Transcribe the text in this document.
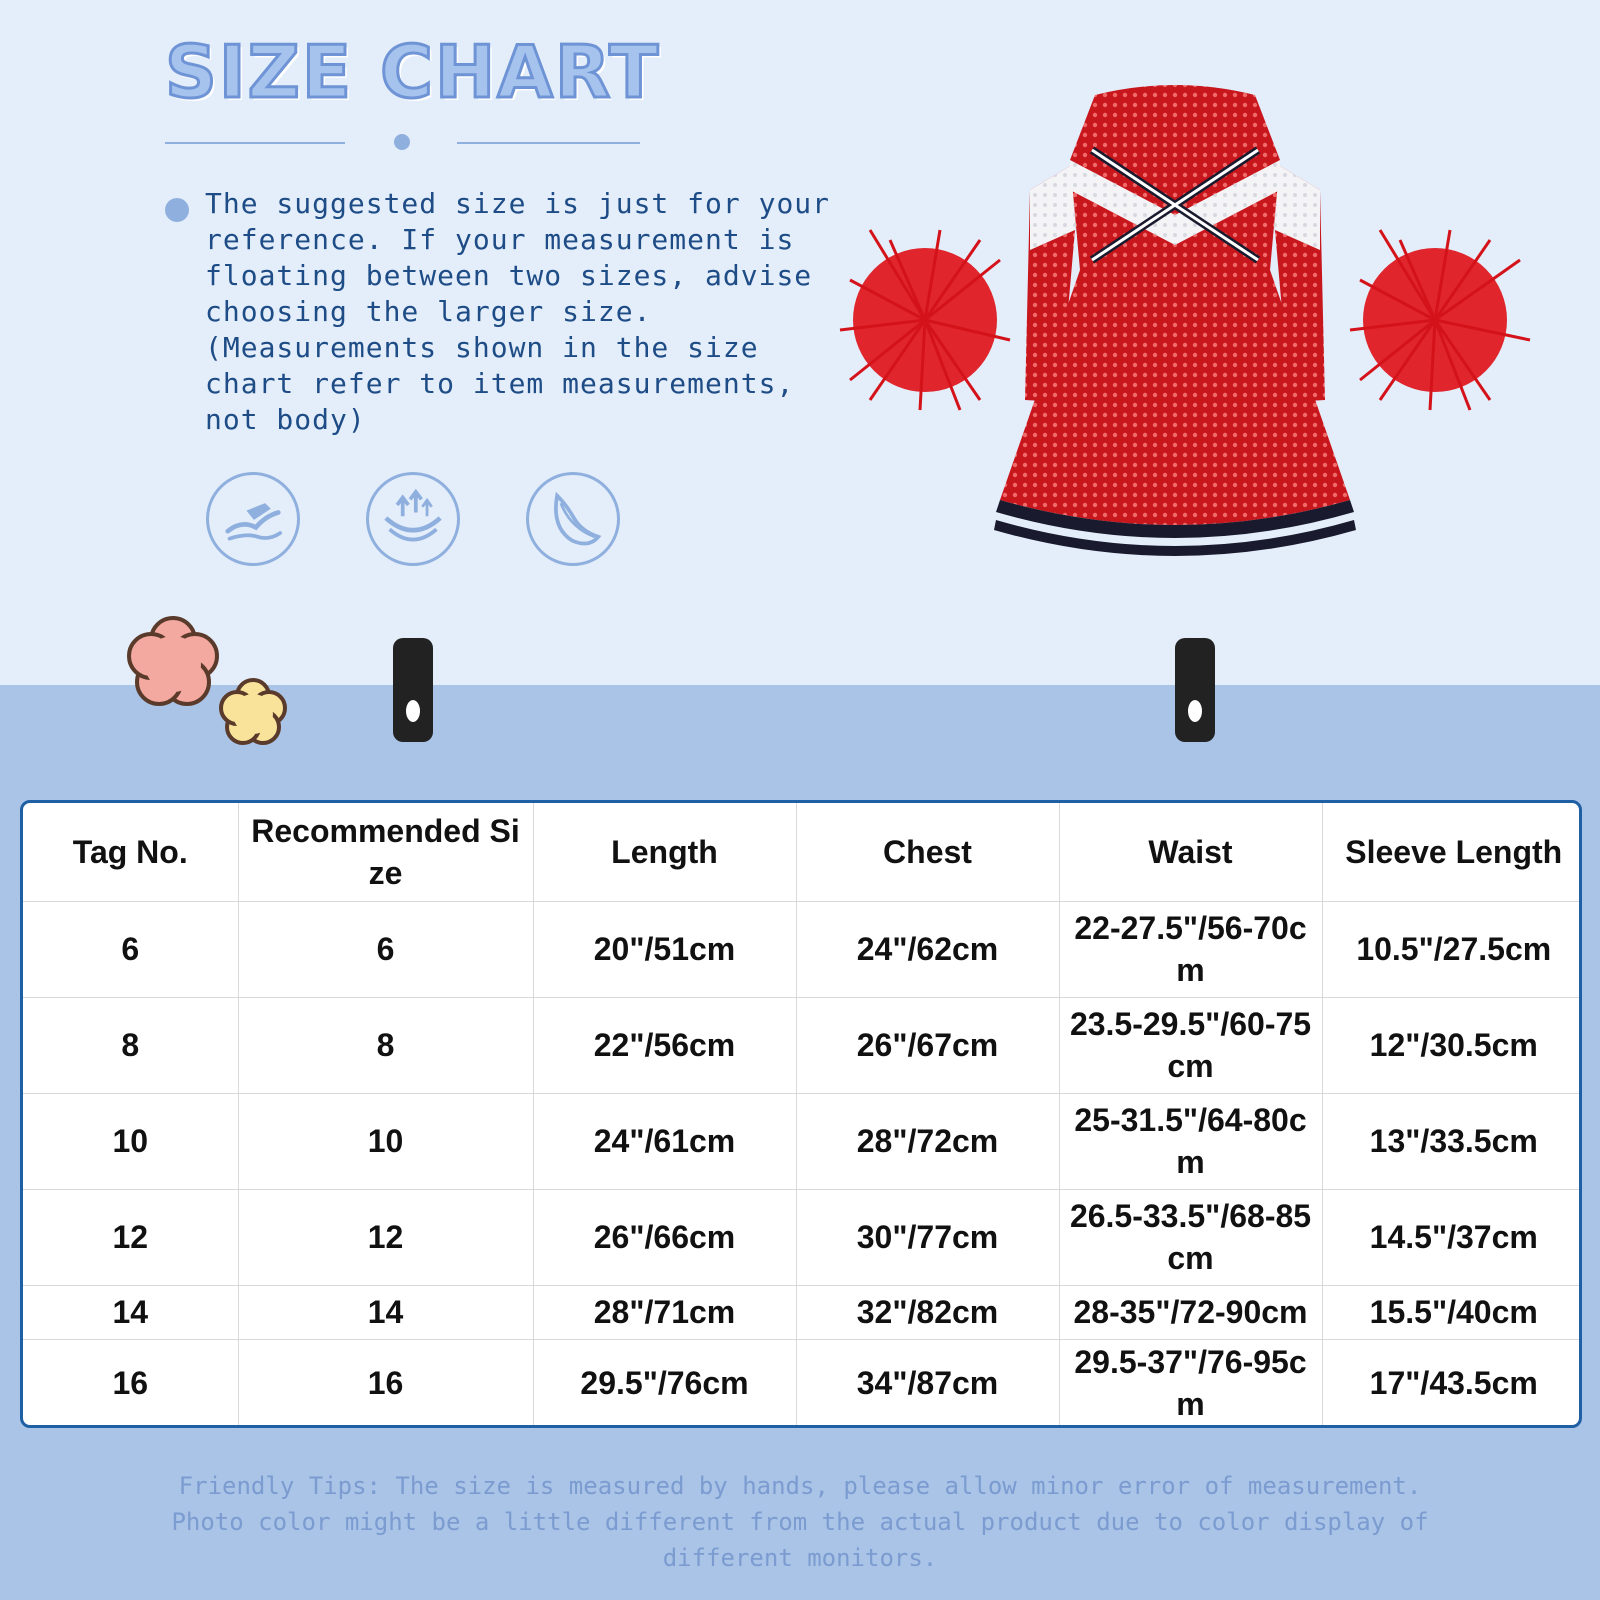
SIZE CHART
The suggested size is just for your
reference. If your measurement is
floating between two sizes, advise
choosing the larger size.
(Measurements shown in the size
chart refer to item measurements,
not body)
Tag No.	Recommended Size	Length	Chest	Waist	Sleeve Length
6	6	20"/51cm	24"/62cm	22-27.5"/56-70cm	10.5"/27.5cm
8	8	22"/56cm	26"/67cm	23.5-29.5"/60-75cm	12"/30.5cm
10	10	24"/61cm	28"/72cm	25-31.5"/64-80cm	13"/33.5cm
12	12	26"/66cm	30"/77cm	26.5-33.5"/68-85cm	14.5"/37cm
14	14	28"/71cm	32"/82cm	28-35"/72-90cm	15.5"/40cm
16	16	29.5"/76cm	34"/87cm	29.5-37"/76-95cm	17"/43.5cm
Friendly Tips: The size is measured by hands, please allow minor error of measurement.
Photo color might be a little different from the actual product due to color display of
different monitors.
